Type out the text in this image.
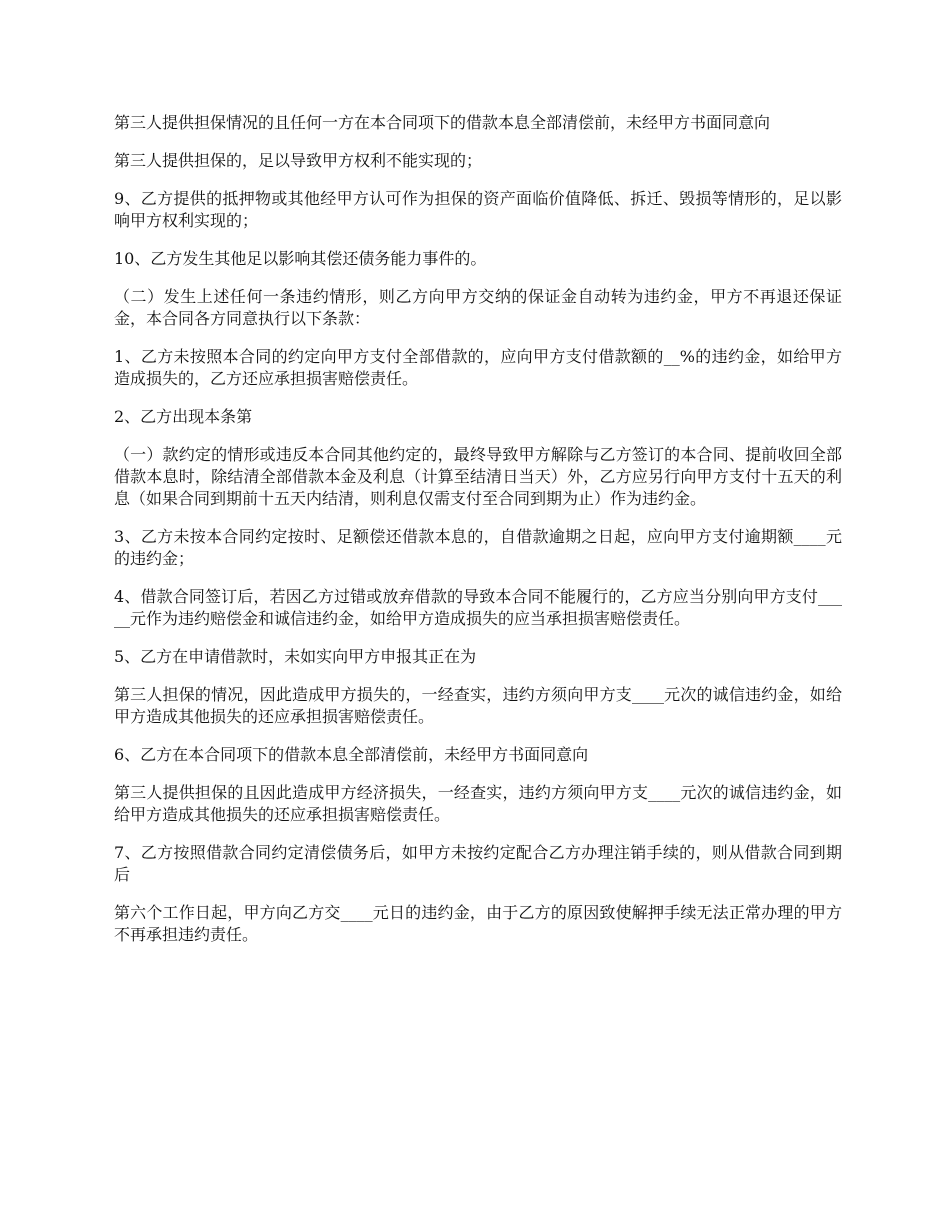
第三人提供担保情况的且任何一方在本合同项下的借款本息全部清偿前，未经甲方书面同意向

第三人提供担保的，足以导致甲方权利不能实现的；

9、乙方提供的抵押物或其他经甲方认可作为担保的资产面临价值降低、拆迁、毁损等情形的，足以影响甲方权利实现的；

10、乙方发生其他足以影响其偿还债务能力事件的。

（二）发生上述任何一条违约情形，则乙方向甲方交纳的保证金自动转为违约金，甲方不再退还保证金，本合同各方同意执行以下条款：

1、乙方未按照本合同的约定向甲方支付全部借款的，应向甲方支付借款额的__%的违约金，如给甲方造成损失的，乙方还应承担损害赔偿责任。

2、乙方出现本条第

（一）款约定的情形或违反本合同其他约定的，最终导致甲方解除与乙方签订的本合同、提前收回全部借款本息时，除结清全部借款本金及利息（计算至结清日当天）外，乙方应另行向甲方支付十五天的利息（如果合同到期前十五天内结清，则利息仅需支付至合同到期为止）作为违约金。

3、乙方未按本合同约定按时、足额偿还借款本息的，自借款逾期之日起，应向甲方支付逾期额____元的违约金；

4、借款合同签订后，若因乙方过错或放弃借款的导致本合同不能履行的，乙方应当分别向甲方支付_____元作为违约赔偿金和诚信违约金，如给甲方造成损失的应当承担损害赔偿责任。

5、乙方在申请借款时，未如实向甲方申报其正在为

第三人担保的情况，因此造成甲方损失的，一经查实，违约方须向甲方支____元次的诚信违约金，如给甲方造成其他损失的还应承担损害赔偿责任。

6、乙方在本合同项下的借款本息全部清偿前，未经甲方书面同意向

第三人提供担保的且因此造成甲方经济损失，一经查实，违约方须向甲方支____元次的诚信违约金，如给甲方造成其他损失的还应承担损害赔偿责任。

7、乙方按照借款合同约定清偿债务后，如甲方未按约定配合乙方办理注销手续的，则从借款合同到期后

第六个工作日起，甲方向乙方交____元日的违约金，由于乙方的原因致使解押手续无法正常办理的甲方不再承担违约责任。
